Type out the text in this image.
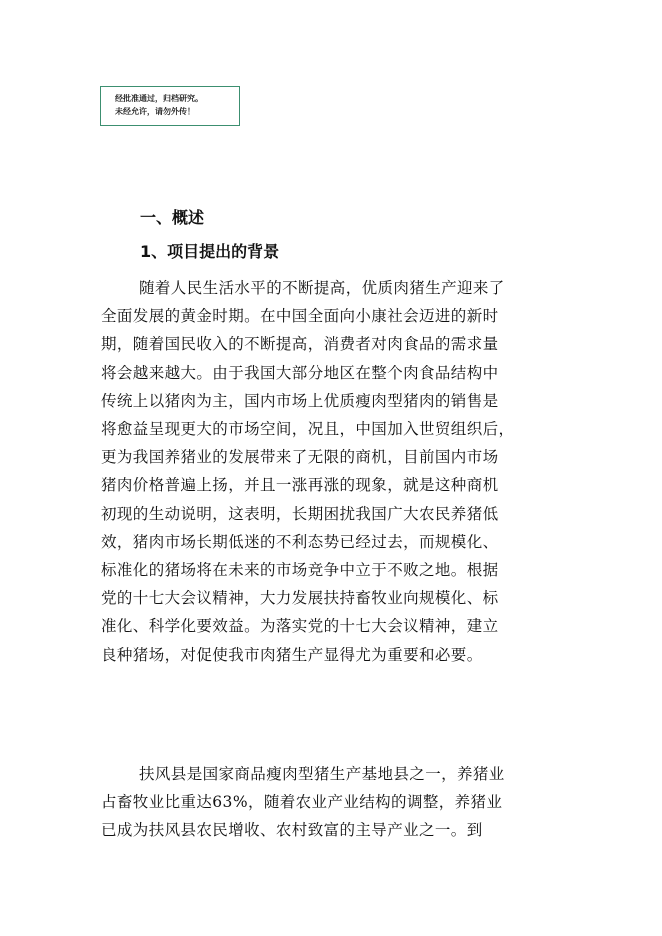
经批准通过，归档研究。
未经允许，请勿外传！
一、概述
1、项目提出的背景
随着人民生活水平的不断提高，优质肉猪生产迎来了
全面发展的黄金时期。在中国全面向小康社会迈进的新时
期，随着国民收入的不断提高，消费者对肉食品的需求量
将会越来越大。由于我国大部分地区在整个肉食品结构中
传统上以猪肉为主，国内市场上优质瘦肉型猪肉的销售是
将愈益呈现更大的市场空间，况且，中国加入世贸组织后，
更为我国养猪业的发展带来了无限的商机，目前国内市场
猪肉价格普遍上扬，并且一涨再涨的现象，就是这种商机
初现的生动说明，这表明，长期困扰我国广大农民养猪低
效，猪肉市场长期低迷的不利态势已经过去，而规模化、
标准化的猪场将在未来的市场竞争中立于不败之地。根据
党的十七大会议精神，大力发展扶持畜牧业向规模化、标
准化、科学化要效益。为落实党的十七大会议精神，建立
良种猪场，对促使我市肉猪生产显得尤为重要和必要。
扶风县是国家商品瘦肉型猪生产基地县之一，养猪业
占畜牧业比重达63%，随着农业产业结构的调整，养猪业
已成为扶风县农民增收、农村致富的主导产业之一。到
